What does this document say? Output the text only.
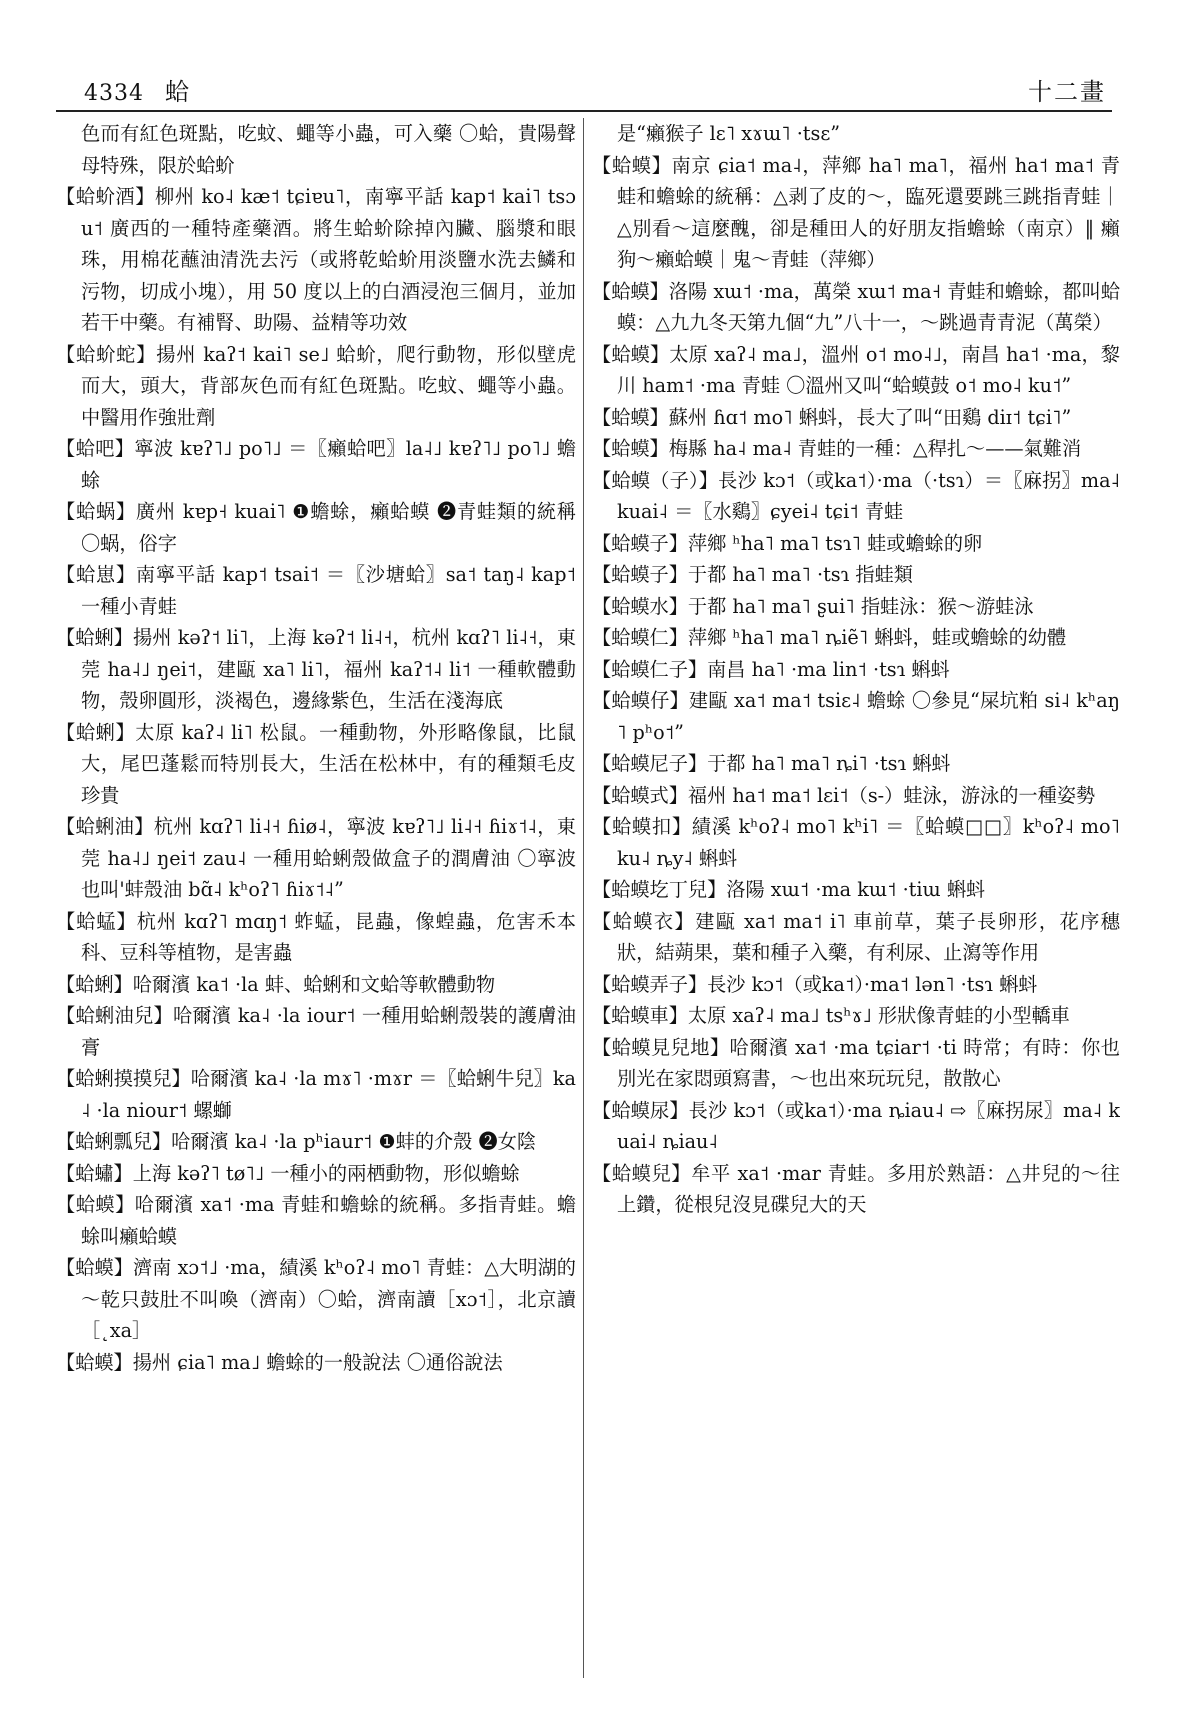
4334 蛤	十二畫
色而有紅色斑點，吃蚊、蠅等小蟲，可入藥 〇蛤，貴陽聲母特殊，限於蛤蚧
【蛤蚧酒】柳州 ko˨ kæ˦ tɕiɐu˥，南寧平話 kap˦ kai˥ tsɔu˦ 廣西的一種特產藥酒。將生蛤蚧除掉內臟、腦漿和眼珠，用棉花蘸油清洗去污（或將乾蛤蚧用淡鹽水洗去鱗和污物，切成小塊），用 50 度以上的白酒浸泡三個月，並加若干中藥。有補腎、助陽、益精等功效
【蛤蚧蛇】揚州 kaʔ˦ kai˥ se˩ 蛤蚧，爬行動物，形似壁虎而大，頭大，背部灰色而有紅色斑點。吃蚊、蠅等小蟲。中醫用作強壯劑
【蛤吧】寧波 kɐʔ˥˩ po˥˩ ＝〖癩蛤吧〗la˨˩ kɐʔ˥˩ po˥˩ 蟾蜍
【蛤蜗】廣州 kɐp˧ kuai˥ ❶蟾蜍，癩蛤蟆 ❷青蛙類的統稱 〇蜗，俗字
【蛤崽】南寧平話 kap˦ tsai˦ ＝〖沙塘蛤〗sa˦ taŋ˨ kap˦ 一種小青蛙
【蛤蜊】揚州 kəʔ˦ li˥，上海 kəʔ˦ li˨˧，杭州 kɑʔ˥ li˨˧，東莞 ha˨˩ ŋei˦，建甌 xa˥ li˥，福州 kaʔ˦˨ li˦ 一種軟體動物，殼卵圓形，淡褐色，邊緣紫色，生活在淺海底
【蛤蜊】太原 kaʔ˨ li˥ 松鼠。一種動物，外形略像鼠，比鼠大，尾巴蓬鬆而特別長大，生活在松林中，有的種類毛皮珍貴
【蛤蜊油】杭州 kɑʔ˥ li˨˧ ɦiø˨，寧波 kɐʔ˥˩ li˨˧ ɦiɤ˦˨，東莞 ha˨˩ ŋei˦ zau˨ 一種用蛤蜊殼做盒子的潤膚油 〇寧波也叫'蚌殼油 bɑ̃˨ kʰoʔ˥ ɦiɤ˦˨”
【蛤蜢】杭州 kɑʔ˥ mɑŋ˦ 蚱蜢，昆蟲，像蝗蟲，危害禾本科、豆科等植物，是害蟲
【蛤蜊】哈爾濱 ka˦ ·la 蚌、蛤蜊和文蛤等軟體動物
【蛤蜊油兒】哈爾濱 ka˨ ·la iour˦ 一種用蛤蜊殼裝的護膚油膏
【蛤蜊摸摸兒】哈爾濱 ka˨ ·la mɤ˥ ·mɤr ＝〖蛤蜊牛兒〗ka˨ ·la niour˦ 螺螄
【蛤蜊瓢兒】哈爾濱 ka˨ ·la pʰiaur˦ ❶蚌的介殼 ❷女陰
【蛤蟰】上海 kəʔ˥ tø˥˩ 一種小的兩栖動物，形似蟾蜍
【蛤蟆】哈爾濱 xa˦ ·ma 青蛙和蟾蜍的統稱。多指青蛙。蟾蜍叫癩蛤蟆
【蛤蟆】濟南 xɔ˦˩ ·ma，績溪 kʰoʔ˨ mo˥ 青蛙：△大明湖的～乾只鼓肚不叫喚（濟南）〇蛤，濟南讀［xɔ˦］，北京讀［˛xa］
【蛤蟆】揚州 ɕia˥ ma˩ 蟾蜍的一般說法 〇通俗說法
是“癩猴子 lɛ˥ xɤɯ˥ ·tsɛ”
【蛤蟆】南京 ɕia˦ ma˨，萍鄉 ha˥ ma˥，福州 ha˦ ma˦ 青蛙和蟾蜍的統稱：△剥了皮的～，臨死還要跳三跳指青蛙｜△別看～這麼醜，卻是種田人的好朋友指蟾蜍（南京）‖ 癩狗～癩蛤蟆｜鬼～青蛙（萍鄉）
【蛤蟆】洛陽 xɯ˦ ·ma，萬榮 xɯ˦ ma˧ 青蛙和蟾蜍，都叫蛤蟆：△九九冬天第九個“九”八十一，～跳過青青泥（萬榮）
【蛤蟆】太原 xaʔ˨ ma˩，溫州 o˦ mo˨˩，南昌 ha˦ ·ma，黎川 ham˦ ·ma 青蛙 〇溫州又叫“蛤蟆鼓 o˦ mo˨ ku˦”
【蛤蟆】蘇州 ɦɑ˦ mo˥ 蝌蚪，長大了叫“田鷄 diɪ˦ tɕi˥”
【蛤蟆】梅縣 ha˨ ma˨ 青蛙的一種：△稈扎～——氣難消
【蛤蟆（子）】長沙 kɔ˦（或ka˦）·ma（·tsɿ）＝〖麻拐〗ma˨ kuai˨ ＝〖水鷄〗ɕyei˨ tɕi˦ 青蛙
【蛤蟆子】萍鄉 ʰha˥ ma˥ tsɿ˥ 蛙或蟾蜍的卵
【蛤蟆子】于都 ha˥ ma˥ ·tsɿ 指蛙類
【蛤蟆水】于都 ha˥ ma˥ ʂui˥ 指蛙泳：猴～游蛙泳
【蛤蟆仁】萍鄉 ʰha˥ ma˥ ȵiẽ˥ 蝌蚪，蛙或蟾蜍的幼體
【蛤蟆仁子】南昌 ha˥ ·ma lin˦ ·tsɿ 蝌蚪
【蛤蟆仔】建甌 xa˦ ma˦ tsiɛ˨ 蟾蜍 〇參見“屎坑粕 si˨ kʰaŋ˥ pʰo˦”
【蛤蟆尼子】于都 ha˥ ma˥ ȵi˥ ·tsɿ 蝌蚪
【蛤蟆式】福州 ha˦ ma˦ lɛi˦（s-）蛙泳，游泳的一種姿勢
【蛤蟆扣】績溪 kʰoʔ˨ mo˥ kʰi˥ ＝〖蛤蟆□□〗kʰoʔ˨ mo˥ ku˨ ȵy˨ 蝌蚪
【蛤蟆圪丁兒】洛陽 xɯ˦ ·ma kɯ˦ ·tiɯ 蝌蚪
【蛤蟆衣】建甌 xa˦ ma˦ i˥ 車前草，葉子長卵形，花序穗狀，結蒴果，葉和種子入藥，有利尿、止瀉等作用
【蛤蟆弄子】長沙 kɔ˦（或ka˦）·ma˦ lən˥ ·tsɿ 蝌蚪
【蛤蟆車】太原 xaʔ˨ ma˩ tsʰɤ˩ 形狀像青蛙的小型轎車
【蛤蟆見兒地】哈爾濱 xa˦ ·ma tɕiar˦ ·ti 時常；有時：你也別光在家悶頭寫書，～也出來玩玩兒，散散心
【蛤蟆尿】長沙 kɔ˦（或ka˦）·ma ȵiau˨ ⇨〖麻拐尿〗ma˨ kuai˨ ȵiau˨
【蛤蟆兒】牟平 xa˦ ·mar 青蛙。多用於熟語：△井兒的～往上鑽，從根兒沒見碟兒大的天
